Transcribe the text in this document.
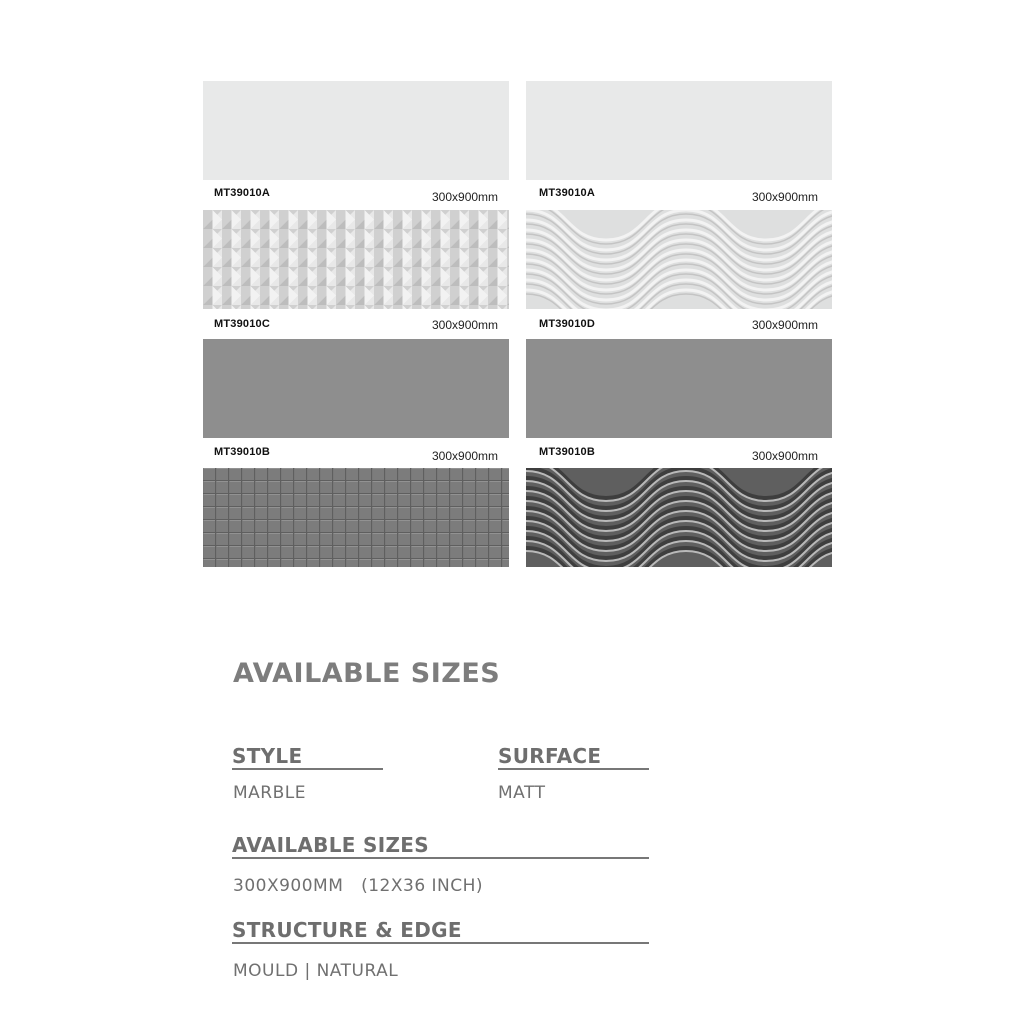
MT39010A	300x900mm	MT39010A	300x900mm
MT39010C	300x900mm	MT39010D	300x900mm
MT39010B	300x900mm	MT39010B	300x900mm
AVAILABLE SIZES
STYLE
MARBLE
SURFACE
MATT
AVAILABLE SIZES
300X900MM   (12X36 INCH)
STRUCTURE & EDGE
MOULD | NATURAL
